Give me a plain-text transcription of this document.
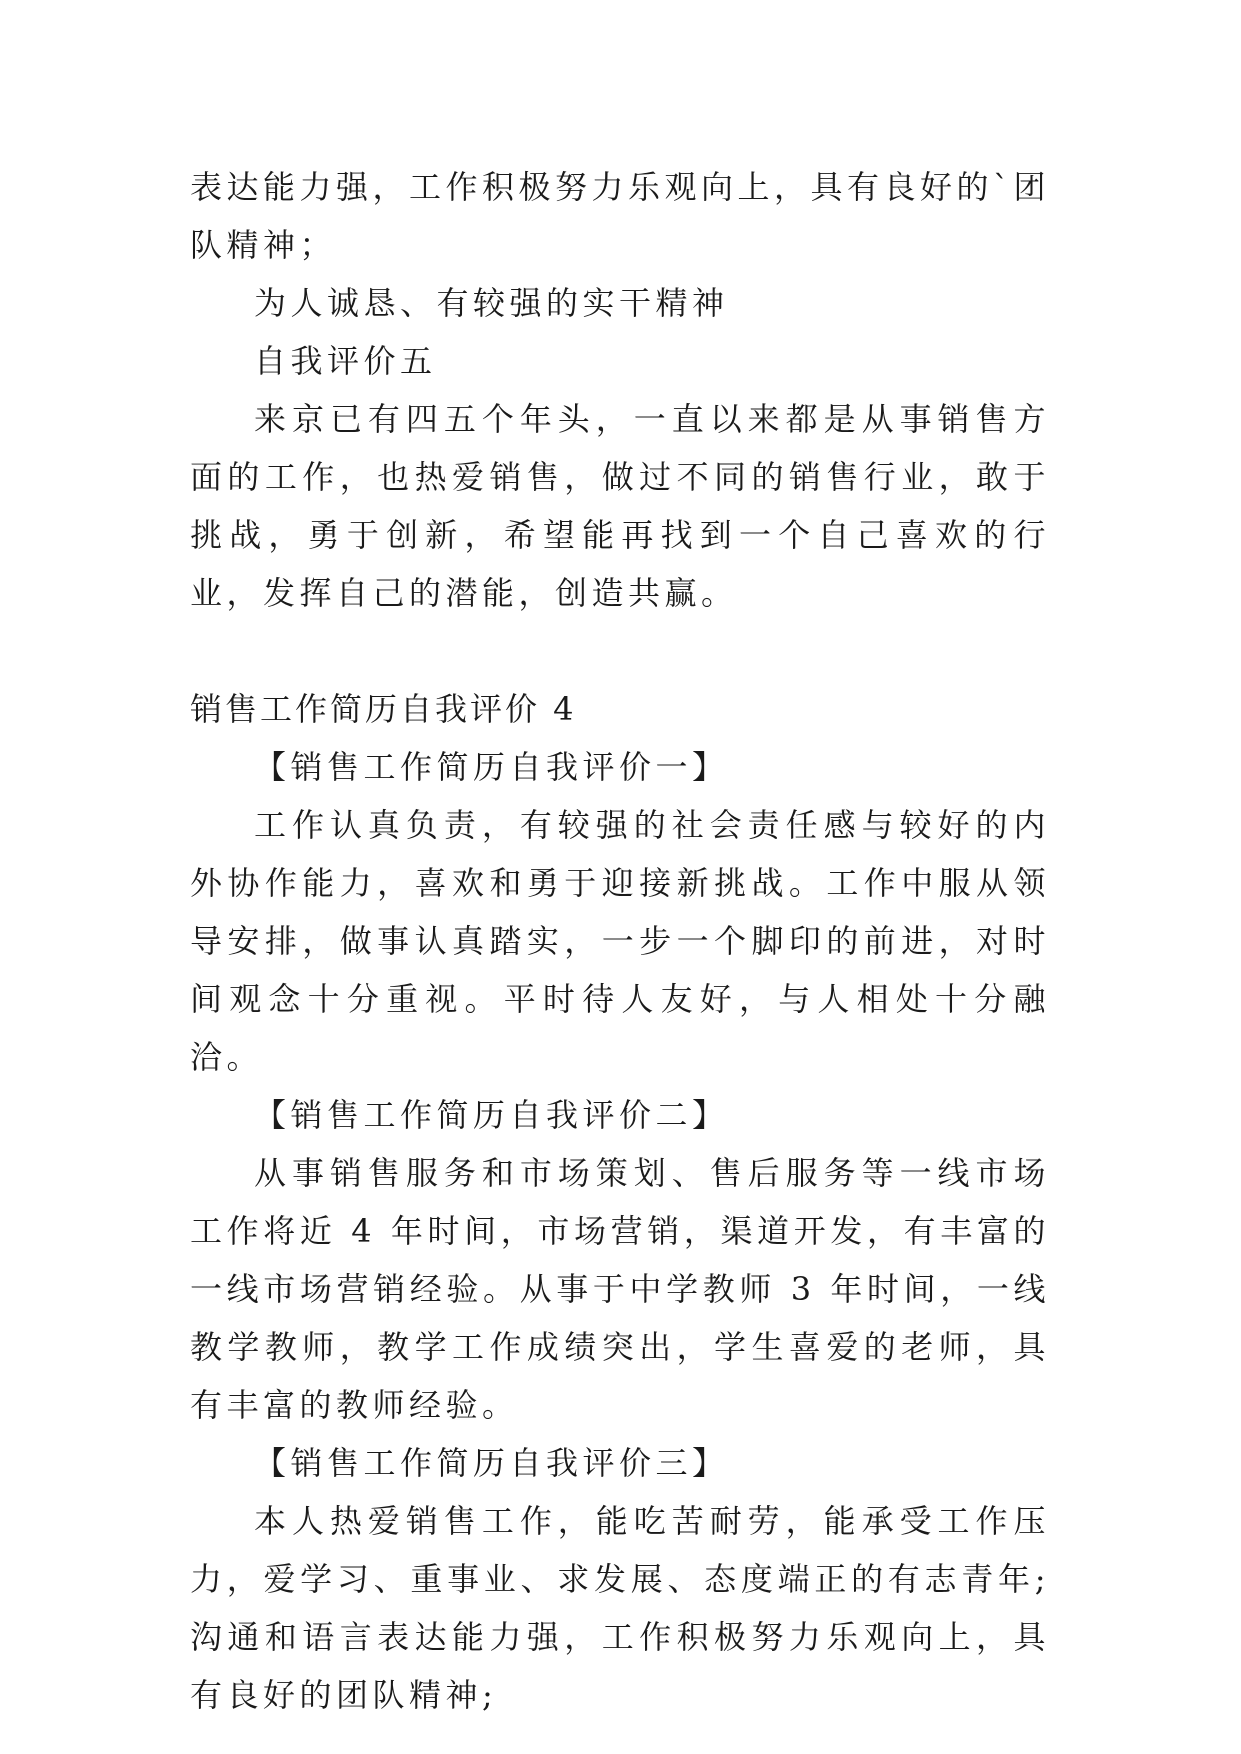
表达能力强，工作积极努力乐观向上，具有良好的`团队精神；

为人诚恳、有较强的实干精神

自我评价五

来京已有四五个年头，一直以来都是从事销售方面的工作，也热爱销售，做过不同的销售行业，敢于 挑战，勇于创新，希望能再找到一个自己喜欢的行业，发挥自己的潜能，创造共赢。

销售工作简历自我评价 4

【销售工作简历自我评价一】

工作认真负责，有较强的社会责任感与较好的内外协作能力，喜欢和勇于迎接新挑战。工作中服从领导安排，做事认真踏实，一步一个脚印的前进，对时间观念十分重视。平时待人友好，与人相处十分融洽。

【销售工作简历自我评价二】

从事销售服务和市场策划、售后服务等一线市场工作将近 4 年时间，市场营销，渠道开发，有丰富的一线市场营销经验。从事于中学教师 3 年时间，一线教学教师，教学工作成绩突出，学生喜爱的老师，具有丰富的教师经验。

【销售工作简历自我评价三】

本人热爱销售工作，能吃苦耐劳，能承受工作压力，爱学习、重事业、求发展、态度端正的有志青年;沟通和语言表达能力强，工作积极努力乐观向上，具有良好的团队精神;
